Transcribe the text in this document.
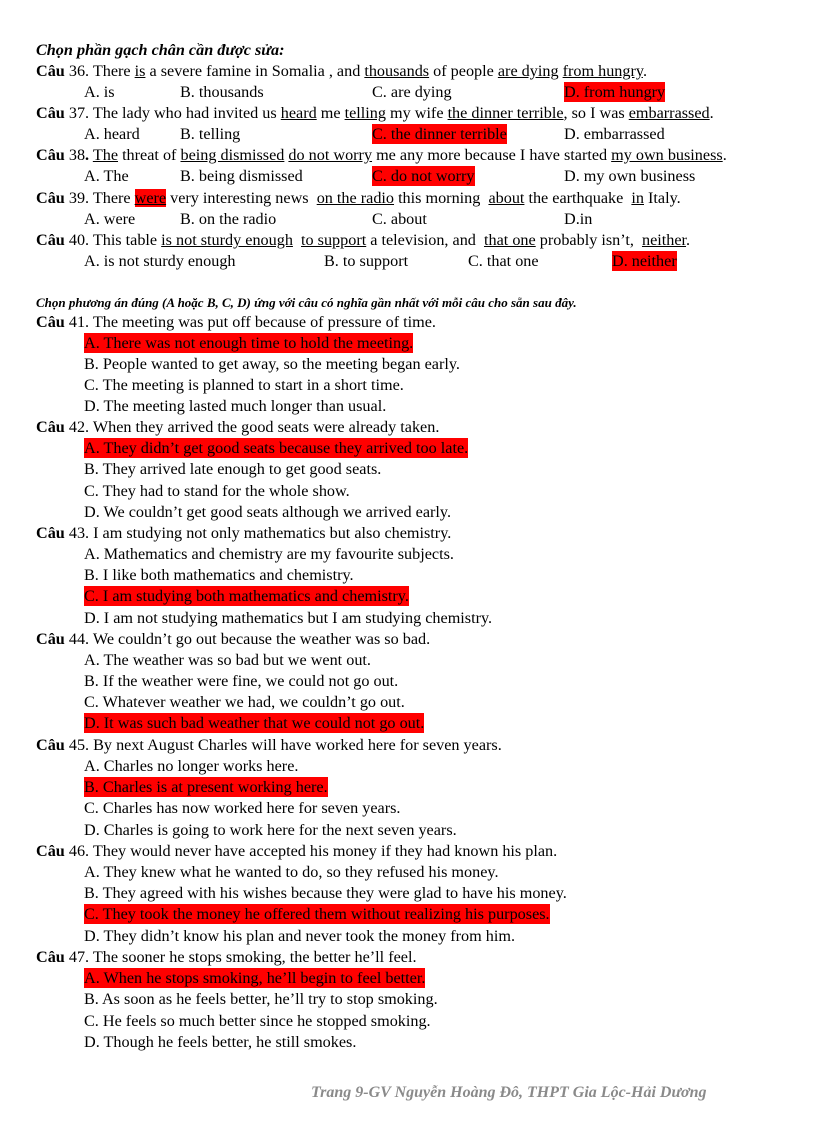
Chọn phần gạch chân cần được sửa:
Câu 36. There is a severe famine in Somalia , and thousands of people are dying from hungry.
A. is	B. thousands	C. are dying	D. from hungry
Câu 37. The lady who had invited us heard me telling my wife the dinner terrible, so I was embarrassed.
A. heard B. telling	C. the dinner terrible	D. embarrassed
Câu 38. The threat of being dismissed do not worry me any more because I have started my own business.
A. The	B. being dismissed	C. do not worry	D. my own business
Câu 39. There were very interesting news  on the radio this morning  about the earthquake  in Italy.
A. were	B. on the radio	C. about	D.in
Câu 40. This table is not sturdy enough to support a television, and  that one probably isn’t,  neither.
A. is not sturdy enough	B. to support	C. that one	D. neither
Chọn phương án đúng (A hoặc B, C, D) ứng với câu có nghĩa gần nhất với mỗi câu cho sẵn sau đây.
Câu 41. The meeting was put off because of pressure of time.
A. There was not enough time to hold the meeting.
B. People wanted to get away, so the meeting began early.
C. The meeting is planned to start in a short time.
D. The meeting lasted much longer than usual.
Câu 42. When they arrived the good seats were already taken.
A. They didn’t get good seats because they arrived too late.
B. They arrived late enough to get good seats.
C. They had to stand for the whole show.
D. We couldn’t get good seats although we arrived early.
Câu 43. I am studying not only mathematics but also chemistry.
A. Mathematics and chemistry are my favourite subjects.
B. I like both mathematics and chemistry.
C. I am studying both mathematics and chemistry.
D. I am not studying mathematics but I am studying chemistry.
Câu 44. We couldn’t go out because the weather was so bad.
A. The weather was so bad but we went out.
B. If the weather were fine, we could not go out.
C. Whatever weather we had, we couldn’t go out.
D. It was such bad weather that we could not go out.
Câu 45. By next August Charles will have worked here for seven years.
A. Charles no longer works here.
B. Charles is at present working here.
C. Charles has now worked here for seven years.
D. Charles is going to work here for the next seven years.
Câu 46. They would never have accepted his money if they had known his plan.
A. They knew what he wanted to do, so they refused his money.
B. They agreed with his wishes because they were glad to have his money.
C. They took the money he offered them without realizing his purposes.
D. They didn’t know his plan and never took the money from him.
Câu 47. The sooner he stops smoking, the better he’ll feel.
A. When he stops smoking, he’ll begin to feel better.
B. As soon as he feels better, he’ll try to stop smoking.
C. He feels so much better since he stopped smoking.
D. Though he feels better, he still smokes.
Trang 9-GV Nguyễn Hoàng Đô, THPT Gia Lộc-Hải Dương
